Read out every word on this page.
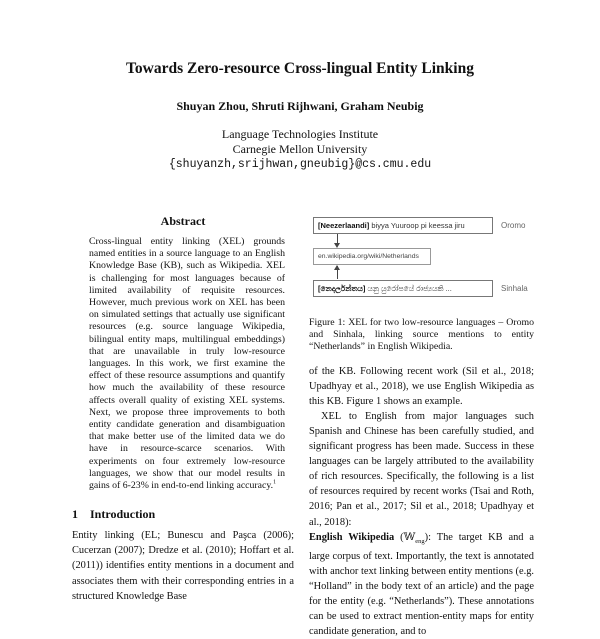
Towards Zero-resource Cross-lingual Entity Linking
Shuyan Zhou, Shruti Rijhwani, Graham Neubig
Language Technologies Institute
Carnegie Mellon University
{shuyanzh,srijhwan,gneubig}@cs.cmu.edu
Abstract

Cross-lingual entity linking (XEL) grounds named entities in a source language to an English Knowledge Base (KB), such as Wikipedia. XEL is challenging for most languages because of limited availability of requisite resources. However, much previous work on XEL has been on simulated settings that actually use significant resources (e.g. source language Wikipedia, bilingual entity maps, multilingual embeddings) that are unavailable in truly low-resource languages. In this work, we first examine the effect of these resource assumptions and quantify how much the availability of these resource affects overall quality of existing XEL systems. Next, we propose three improvements to both entity candidate generation and disambiguation that make better use of the limited data we do have in resource-scarce scenarios. With experiments on four extremely low-resource languages, we show that our model results in gains of 6-23% in end-to-end linking accuracy.$^1$

1 Introduction

Entity linking (EL; Bunescu and Paşca (2006); Cucerzan (2007); Dredze et al. (2010); Hoffart et al. (2011)) identifies entity mentions in a document and associates them with their corresponding entries in a structured Knowledge Base

[Neezerlaandi] biyya Yuuroop pi keessa jiru	Oromo
en.wikipedia.org/wiki/Netherlands
[නෙදර්ලන්තය] යනු යුරෝපයේ රාජ්‍යයකි ...	Sinhala

Figure 1: XEL for two low-resource languages – Oromo and Sinhala, linking source mentions to entity “Netherlands” in English Wikipedia.

of the KB. Following recent work (Sil et al., 2018; Upadhyay et al., 2018), we use English Wikipedia as this KB. Figure 1 shows an example.

XEL to English from major languages such Spanish and Chinese has been carefully studied, and significant progress has been made. Success in these languages can be largely attributed to the availability of rich resources. Specifically, the following is a list of resources required by recent works (Tsai and Roth, 2016; Pan et al., 2017; Sil et al., 2018; Upadhyay et al., 2018):

English Wikipedia (𝕎$_{eng}$): The target KB and a large corpus of text. Importantly, the text is annotated with anchor text linking between entity mentions (e.g. “Holland” in the body text of an article) and the page for the entity (e.g. “Netherlands”). These annotations can be used to extract mention-entity maps for entity candidate generation, and to
